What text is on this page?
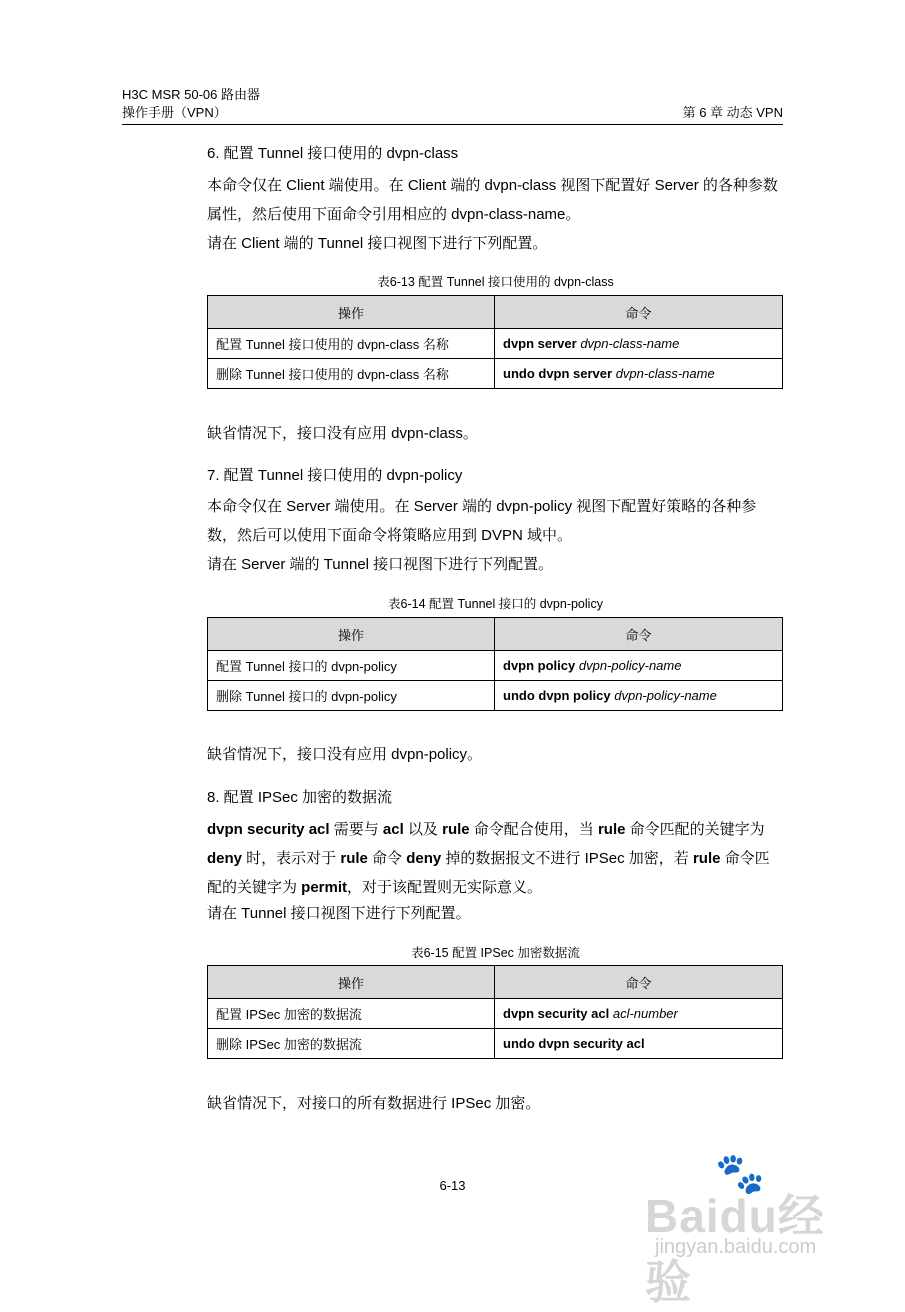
H3C MSR 50-06 路由器
操作手册（VPN）	第 6 章 动态 VPN
6. 配置 Tunnel 接口使用的 dvpn-class
本命令仅在 Client 端使用。在 Client 端的 dvpn-class 视图下配置好 Server 的各种参数属性，然后使用下面命令引用相应的 dvpn-class-name。
请在 Client 端的 Tunnel 接口视图下进行下列配置。
表6-13 配置 Tunnel 接口使用的 dvpn-class
操作	命令
配置 Tunnel 接口使用的 dvpn-class 名称	dvpn server dvpn-class-name
删除 Tunnel 接口使用的 dvpn-class 名称	undo dvpn server dvpn-class-name
缺省情况下，接口没有应用 dvpn-class。
7. 配置 Tunnel 接口使用的 dvpn-policy
本命令仅在 Server 端使用。在 Server 端的 dvpn-policy 视图下配置好策略的各种参数，然后可以使用下面命令将策略应用到 DVPN 域中。
请在 Server 端的 Tunnel 接口视图下进行下列配置。
表6-14 配置 Tunnel 接口的 dvpn-policy
操作	命令
配置 Tunnel 接口的 dvpn-policy	dvpn policy dvpn-policy-name
删除 Tunnel 接口的 dvpn-policy	undo dvpn policy dvpn-policy-name
缺省情况下，接口没有应用 dvpn-policy。
8. 配置 IPSec 加密的数据流
dvpn security acl 需要与 acl 以及 rule 命令配合使用，当 rule 命令匹配的关键字为 deny 时，表示对于 rule 命令 deny 掉的数据报文不进行 IPSec 加密，若 rule 命令匹配的关键字为 permit，对于该配置则无实际意义。
请在 Tunnel 接口视图下进行下列配置。
表6-15 配置 IPSec 加密数据流
操作	命令
配置 IPSec 加密的数据流	dvpn security acl acl-number
删除 IPSec 加密的数据流	undo dvpn security acl
缺省情况下，对接口的所有数据进行 IPSec 加密。
6-13	🐾
Baidu经验
jingyan.baidu.com
